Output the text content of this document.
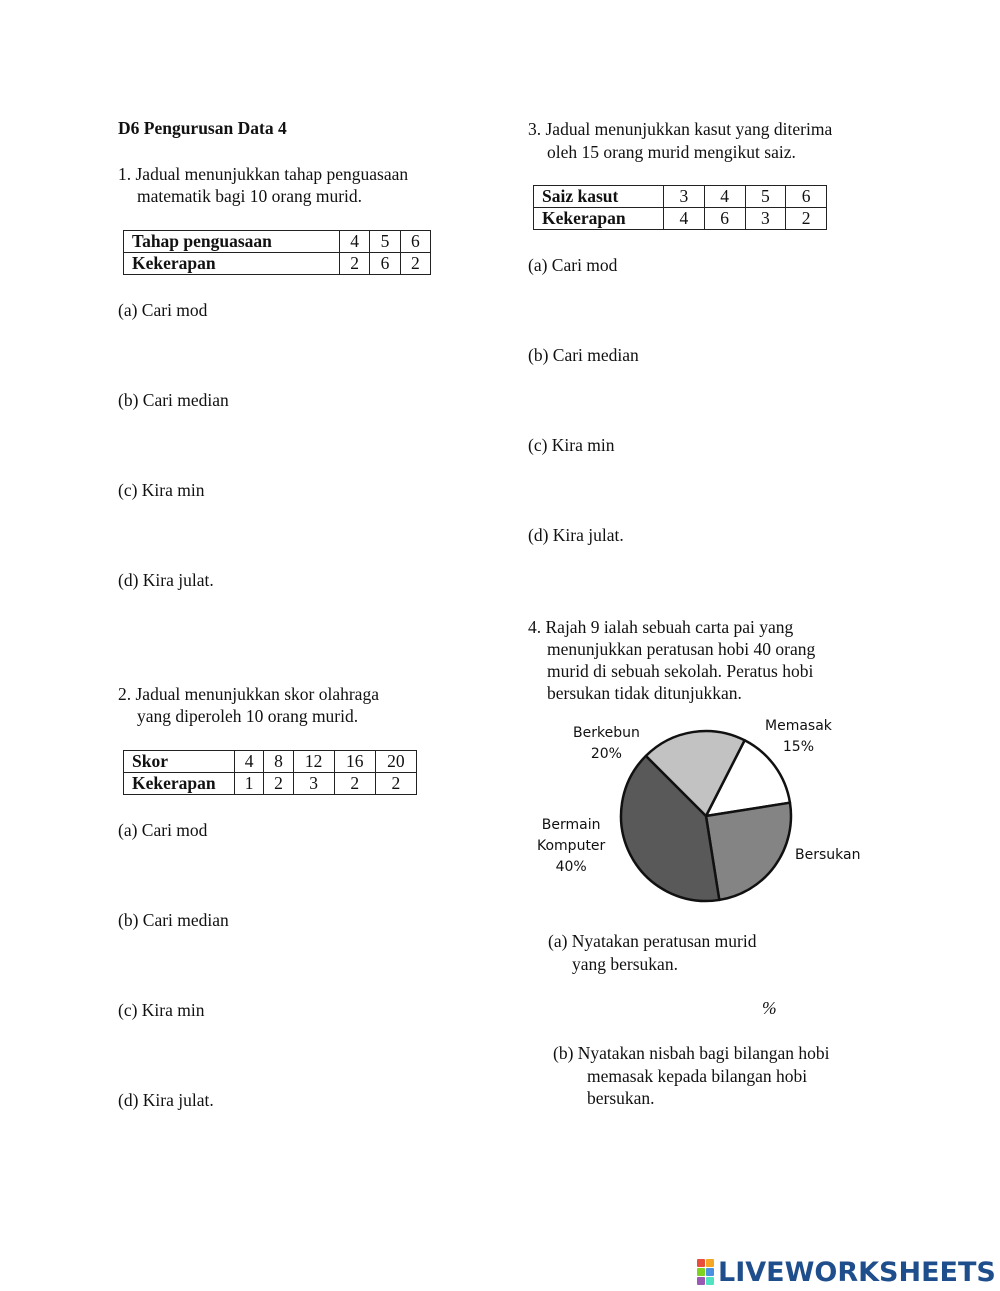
D6 Pengurusan Data 4
1. Jadual menunjukkan tahap penguasaan
matematik bagi 10 orang murid.
Tahap penguasaan	4	5	6
Kekerapan	2	6	2
(a) Cari mod
(b) Cari median
(c) Kira min
(d) Kira julat.
2. Jadual menunjukkan skor olahraga
yang diperoleh 10 orang murid.
Skor	4	8	12	16	20
Kekerapan	1	2	3	2	2
(a) Cari mod
(b) Cari median
(c) Kira min
(d) Kira julat.
3. Jadual menunjukkan kasut yang diterima
oleh 15 orang murid mengikut saiz.
Saiz kasut	3	4	5	6
Kekerapan	4	6	3	2
(a) Cari mod
(b) Cari median
(c) Kira min
(d) Kira julat.
4. Rajah 9 ialah sebuah carta pai yang
menunjukkan peratusan hobi 40 orang
murid di sebuah sekolah. Peratus hobi
bersukan tidak ditunjukkan.
Berkebun
20%
Memasak
15%
Bermain
Komputer
40%
Bersukan
(a) Nyatakan peratusan murid
yang bersukan.
%
(b) Nyatakan nisbah bagi bilangan hobi
memasak kepada bilangan hobi
bersukan.
LIVEWORKSHEETS
